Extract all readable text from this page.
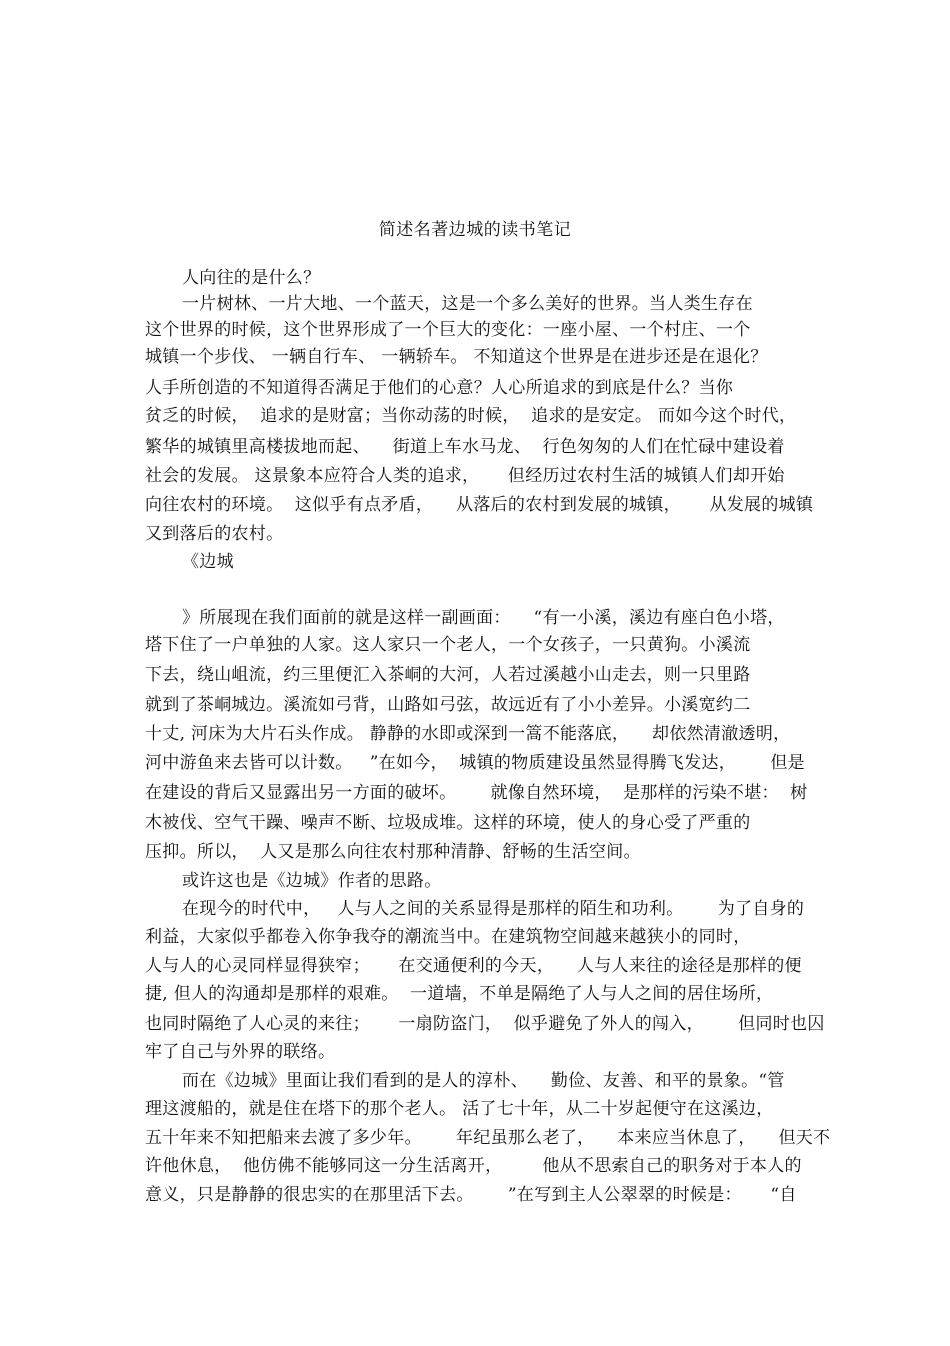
简述名著边城的读书笔记
人向往的是什么？
一片树林、一片大地、一个蓝天，这是一个多么美好的世界。当人类生存在
这个世界的时候，这个世界形成了一个巨大的变化：一座小屋、一个村庄、一个
城镇一个步伐、 一辆自行车、 一辆轿车。 不知道这个世界是在进步还是在退化？
人手所创造的不知道得否满足于他们的心意？人心所追求的到底是什么？当你
贫乏的时候，  追求的是财富；当你动荡的时候，  追求的是安定。 而如今这个时代，
繁华的城镇里高楼拔地而起、    街道上车水马龙、  行色匆匆的人们在忙碌中建设着
社会的发展。 这景象本应符合人类的追求，     但经历过农村生活的城镇人们却开始
向往农村的环境。  这似乎有点矛盾，    从落后的农村到发展的城镇，     从发展的城镇
又到落后的农村。
《边城
》所展现在我们面前的就是这样一副画面：    “有一小溪，溪边有座白色小塔，
塔下住了一户单独的人家。这人家只一个老人，一个女孩子，一只黄狗。小溪流
下去，绕山岨流，约三里便汇入茶峒的大河，人若过溪越小山走去，则一只里路
就到了茶峒城边。溪流如弓背，山路如弓弦，故远近有了小小差异。小溪宽约二
十丈, 河床为大片石头作成。 静静的水即或深到一篙不能落底，    却依然清澈透明，
河中游鱼来去皆可以计数。   ”在如今，  城镇的物质建设虽然显得腾飞发达，      但是
在建设的背后又显露出另一方面的破坏。      就像自然环境，  是那样的污染不堪：  树
木被伐、空气干躁、噪声不断、垃圾成堆。这样的环境，使人的身心受了严重的
压抑。所以，  人又是那么向往农村那种清静、舒畅的生活空间。
或许这也是《边城》作者的思路。
在现今的时代中，   人与人之间的关系显得是那样的陌生和功利。      为了自身的
利益，大家似乎都卷入你争我夺的潮流当中。在建筑物空间越来越狭小的同时，
人与人的心灵同样显得狭窄；     在交通便利的今天，    人与人来往的途径是那样的便
捷, 但人的沟通却是那样的艰难。  一道墙，不单是隔绝了人与人之间的居住场所，
也同时隔绝了人心灵的来往；     一扇防盗门，  似乎避免了外人的闯入，      但同时也囚
牢了自己与外界的联络。
而在《边城》里面让我们看到的是人的淳朴、    勤俭、友善、和平的景象。“管
理这渡船的，就是住在塔下的那个老人。 活了七十年，从二十岁起便守在这溪边，
五十年来不知把船来去渡了多少年。      年纪虽那么老了，    本来应当休息了，    但天不
许他休息，  他仿佛不能够同这一分生活离开，       他从不思索自己的职务对于本人的
意义，只是静静的很忠实的在那里活下去。      ”在写到主人公翠翠的时候是：     “自
